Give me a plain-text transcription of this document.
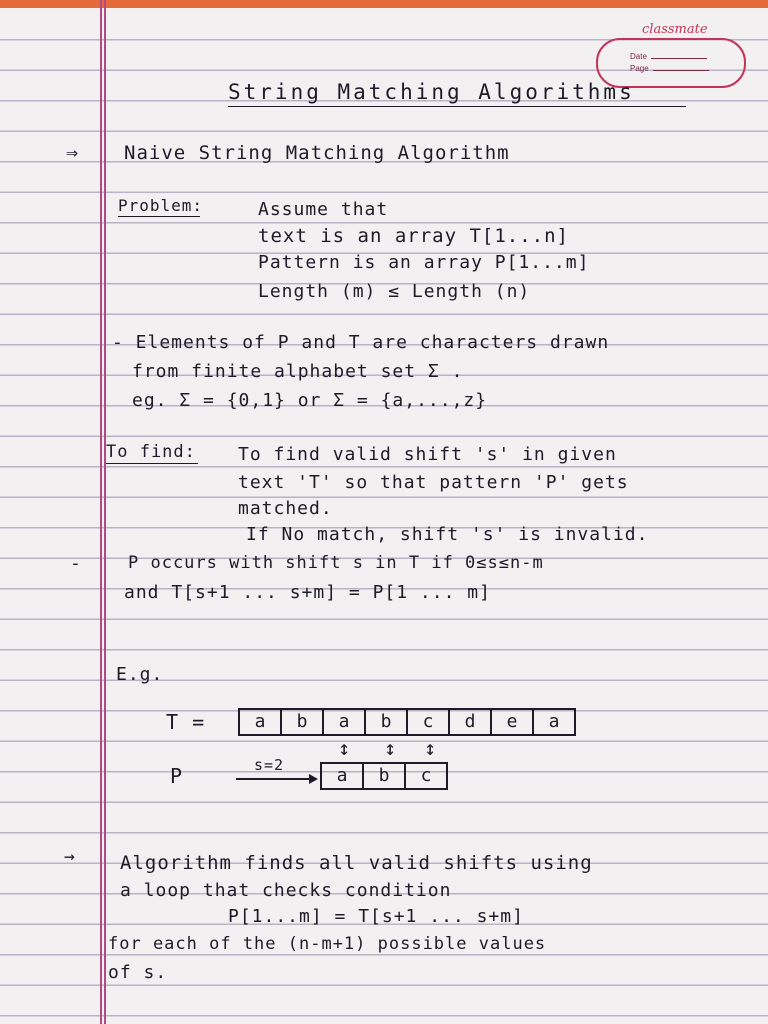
classmate
Date
Page
String Matching Algorithms
⇒ Naive String Matching Algorithm
Problem:	Assume that
text is an array T[1...n]
Pattern is an array P[1...m]
Length (m) ≤ Length (n)
- Elements of P and T are characters drawn
from finite alphabet set Σ .
eg. Σ = {0,1} or Σ = {a,...,z}
To find: To find valid shift 's' in given
text 'T' so that pattern 'P' gets
matched.
If No match, shift 's' is invalid.
-	P occurs with shift s in T if 0≤s≤n-m
and T[s+1 ... s+m] = P[1 ... m]
E.g.
T =	a	b	a	b	c	d	e	a
↕ ↕ ↕
P	s=2	a	b	c
→ Algorithm finds all valid shifts using
a loop that checks condition
P[1...m] = T[s+1 ... s+m]
for each of the (n-m+1) possible values
of s.
